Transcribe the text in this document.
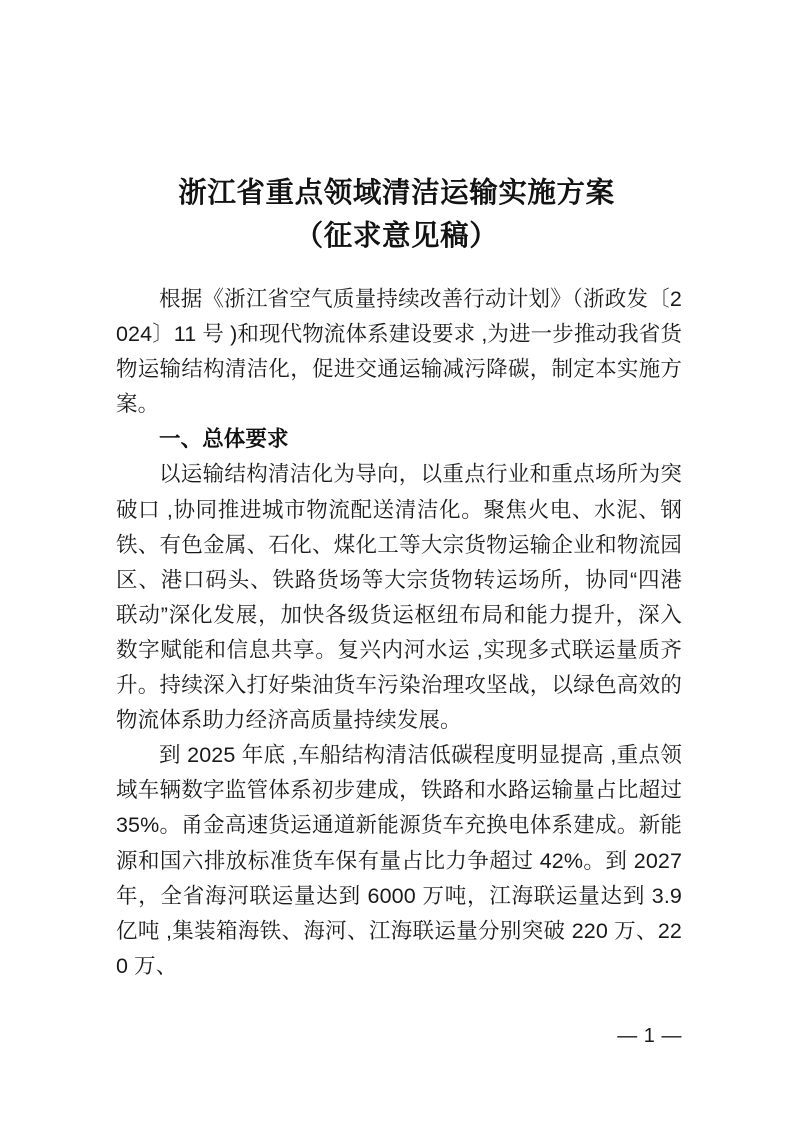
浙江省重点领域清洁运输实施方案
（征求意见稿）

根据《浙江省空气质量持续改善行动计划》（浙政发〔2024〕11 号 )和现代物流体系建设要求 ,为进一步推动我省货物运输结构清洁化，促进交通运输减污降碳，制定本实施方案。

一、总体要求

以运输结构清洁化为导向，以重点行业和重点场所为突破口 ,协同推进城市物流配送清洁化。聚焦火电、水泥、钢铁、有色金属、石化、煤化工等大宗货物运输企业和物流园区、港口码头、铁路货场等大宗货物转运场所，协同“四港联动”深化发展，加快各级货运枢纽布局和能力提升，深入数字赋能和信息共享。复兴内河水运 ,实现多式联运量质齐升。持续深入打好柴油货车污染治理攻坚战，以绿色高效的物流体系助力经济高质量持续发展。

到 2025 年底 ,车船结构清洁低碳程度明显提高 ,重点领域车辆数字监管体系初步建成，铁路和水路运输量占比超过 35%。甬金高速货运通道新能源货车充换电体系建成。新能源和国六排放标准货车保有量占比力争超过 42%。到 2027 年，全省海河联运量达到 6000 万吨，江海联运量达到 3.9 亿吨 ,集装箱海铁、海河、江海联运量分别突破 220 万、220 万、

— 1 —
